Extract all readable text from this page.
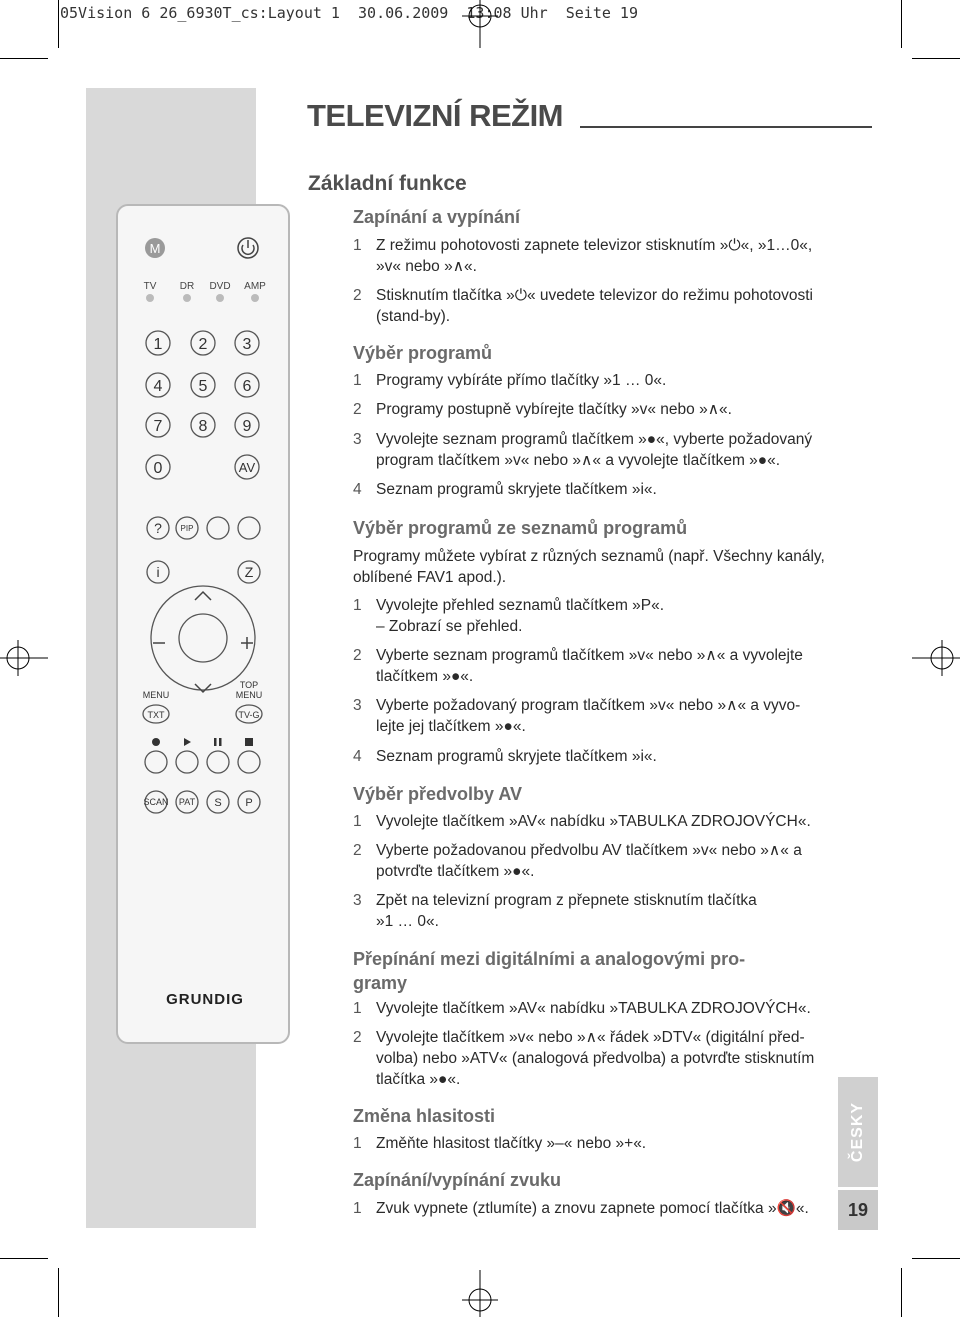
05Vision 6 26_6930T_cs:Layout 1  30.06.2009  13:08 Uhr  Seite 19
M
TV DR DVD AMP
1 2 3
4 5 6
7 8 9
0	AV
? PIP
i	Z
MENU
TOP
MENU
TXT	TV-G
SCAN PAT S P
GRUNDIG
TELEVIZNÍ REŽIM
Základní funkce
Zapínání a vypínání
1 Z režimu pohotovosti zapnete televizor stisknutím »⏻«, »1…0«,
»v« nebo »∧«.
2 Stisknutím tlačítka »⏻« uvedete televizor do režimu pohotovosti
(stand-by).
Výběr programů
1 Programy vybíráte přímo tlačítky »1 … 0«.
2 Programy postupně vybírejte tlačítky »v« nebo »∧«.
3 Vyvolejte seznam programů tlačítkem »●«, vyberte požadovaný
program tlačítkem »v« nebo »∧« a vyvolejte tlačítkem »●«.
4 Seznam programů skryjete tlačítkem »i«.
Výběr programů ze seznamů programů
Programy můžete vybírat z různých seznamů (např. Všechny kanály,
oblíbené FAV1 apod.).
1 Vyvolejte přehled seznamů tlačítkem »P«.
– Zobrazí se přehled.
2 Vyberte seznam programů tlačítkem »v« nebo »∧« a vyvolejte
tlačítkem »●«.
3 Vyberte požadovaný program tlačítkem »v« nebo »∧« a vyvo-
lejte jej tlačítkem »●«.
4 Seznam programů skryjete tlačítkem »i«.
Výběr předvolby AV
1 Vyvolejte tlačítkem »AV« nabídku »TABULKA ZDROJOVÝCH«.
2 Vyberte požadovanou předvolbu AV tlačítkem »v« nebo »∧« a
potvrďte tlačítkem »●«.
3 Zpět na televizní program z přepnete stisknutím tlačítka
»1 … 0«.
Přepínání mezi digitálními a analogovými pro-
gramy
1 Vyvolejte tlačítkem »AV« nabídku »TABULKA ZDROJOVÝCH«.
2 Vyvolejte tlačítkem »v« nebo »∧« řádek »DTV« (digitální před-
volba) nebo »ATV« (analogová předvolba) a potvrďte stisknutím
tlačítka »●«.
Změna hlasitosti
1 Změňte hlasitost tlačítky »–« nebo »+«.
Zapínání/vypínání zvuku
1 Zvuk vypnete (ztlumíte) a znovu zapnete pomocí tlačítka »🔇«.
ČESKY
19
